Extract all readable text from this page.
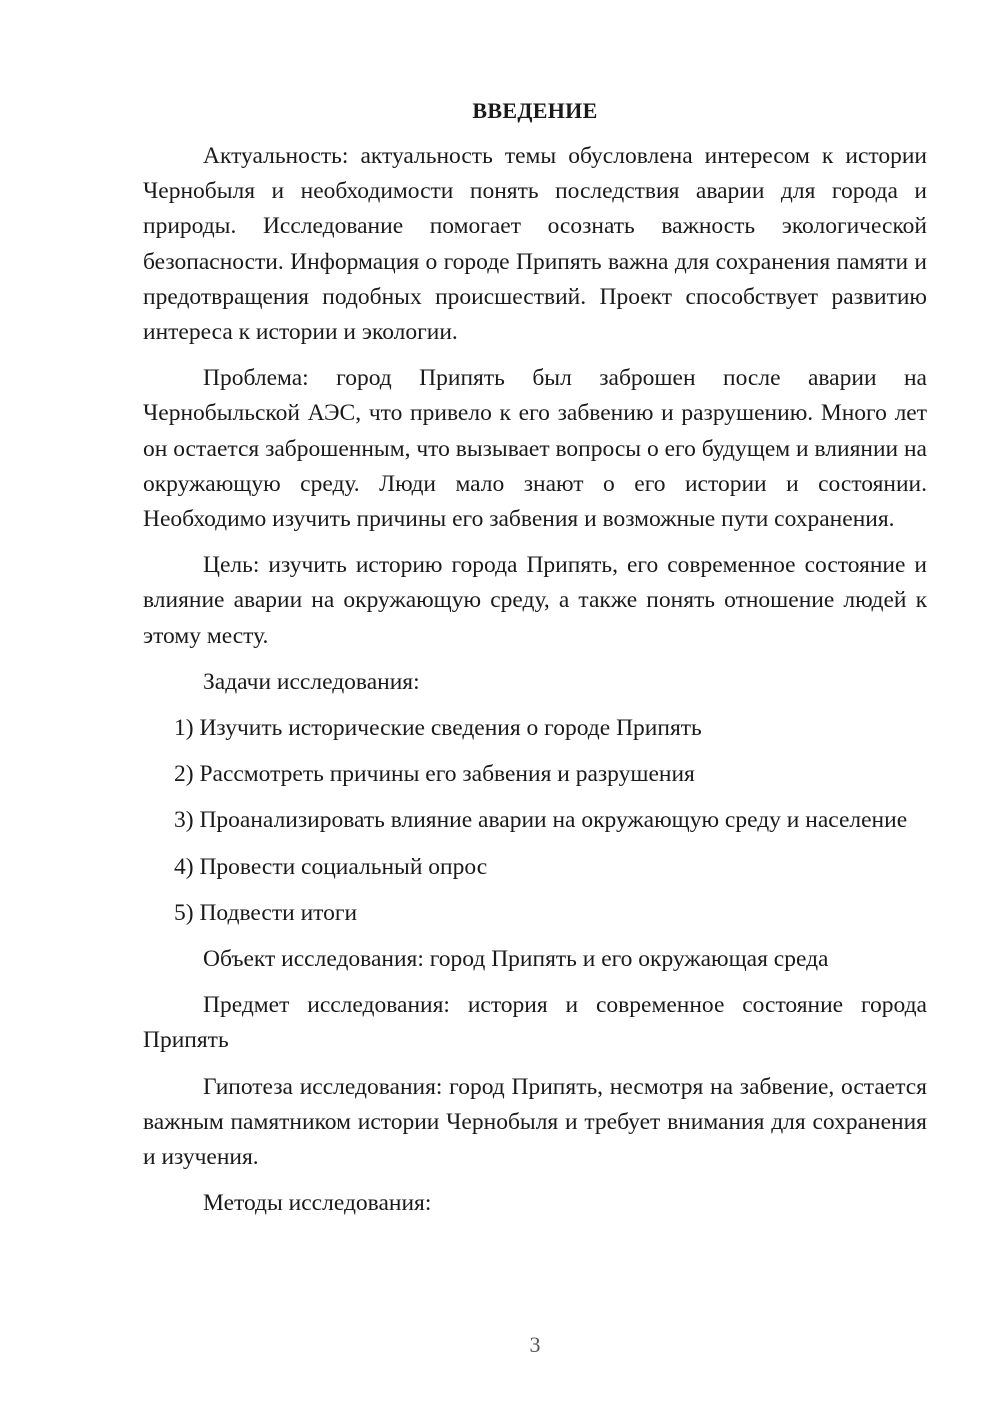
ВВЕДЕНИЕ

Актуальность: актуальность темы обусловлена интересом к истории Чернобыля и необходимости понять последствия аварии для города и природы. Исследование помогает осознать важность экологической безопасности. Информация о городе Припять важна для сохранения памяти и предотвращения подобных происшествий. Проект способствует развитию интереса к истории и экологии.

Проблема: город Припять был заброшен после аварии на Чернобыльской АЭС, что привело к его забвению и разрушению. Много лет он остается заброшенным, что вызывает вопросы о его будущем и влиянии на окружающую среду. Люди мало знают о его истории и состоянии. Необходимо изучить причины его забвения и возможные пути сохранения.

Цель: изучить историю города Припять, его современное состояние и влияние аварии на окружающую среду, а также понять отношение людей к этому месту.

Задачи исследования:

1) Изучить исторические сведения о городе Припять

2) Рассмотреть причины его забвения и разрушения

3) Проанализировать влияние аварии на окружающую среду и население

4) Провести социальный опрос

5) Подвести итоги

Объект исследования: город Припять и его окружающая среда

Предмет исследования: история и современное состояние города Припять

Гипотеза исследования: город Припять, несмотря на забвение, остается важным памятником истории Чернобыля и требует внимания для сохранения и изучения.

Методы исследования:

3
